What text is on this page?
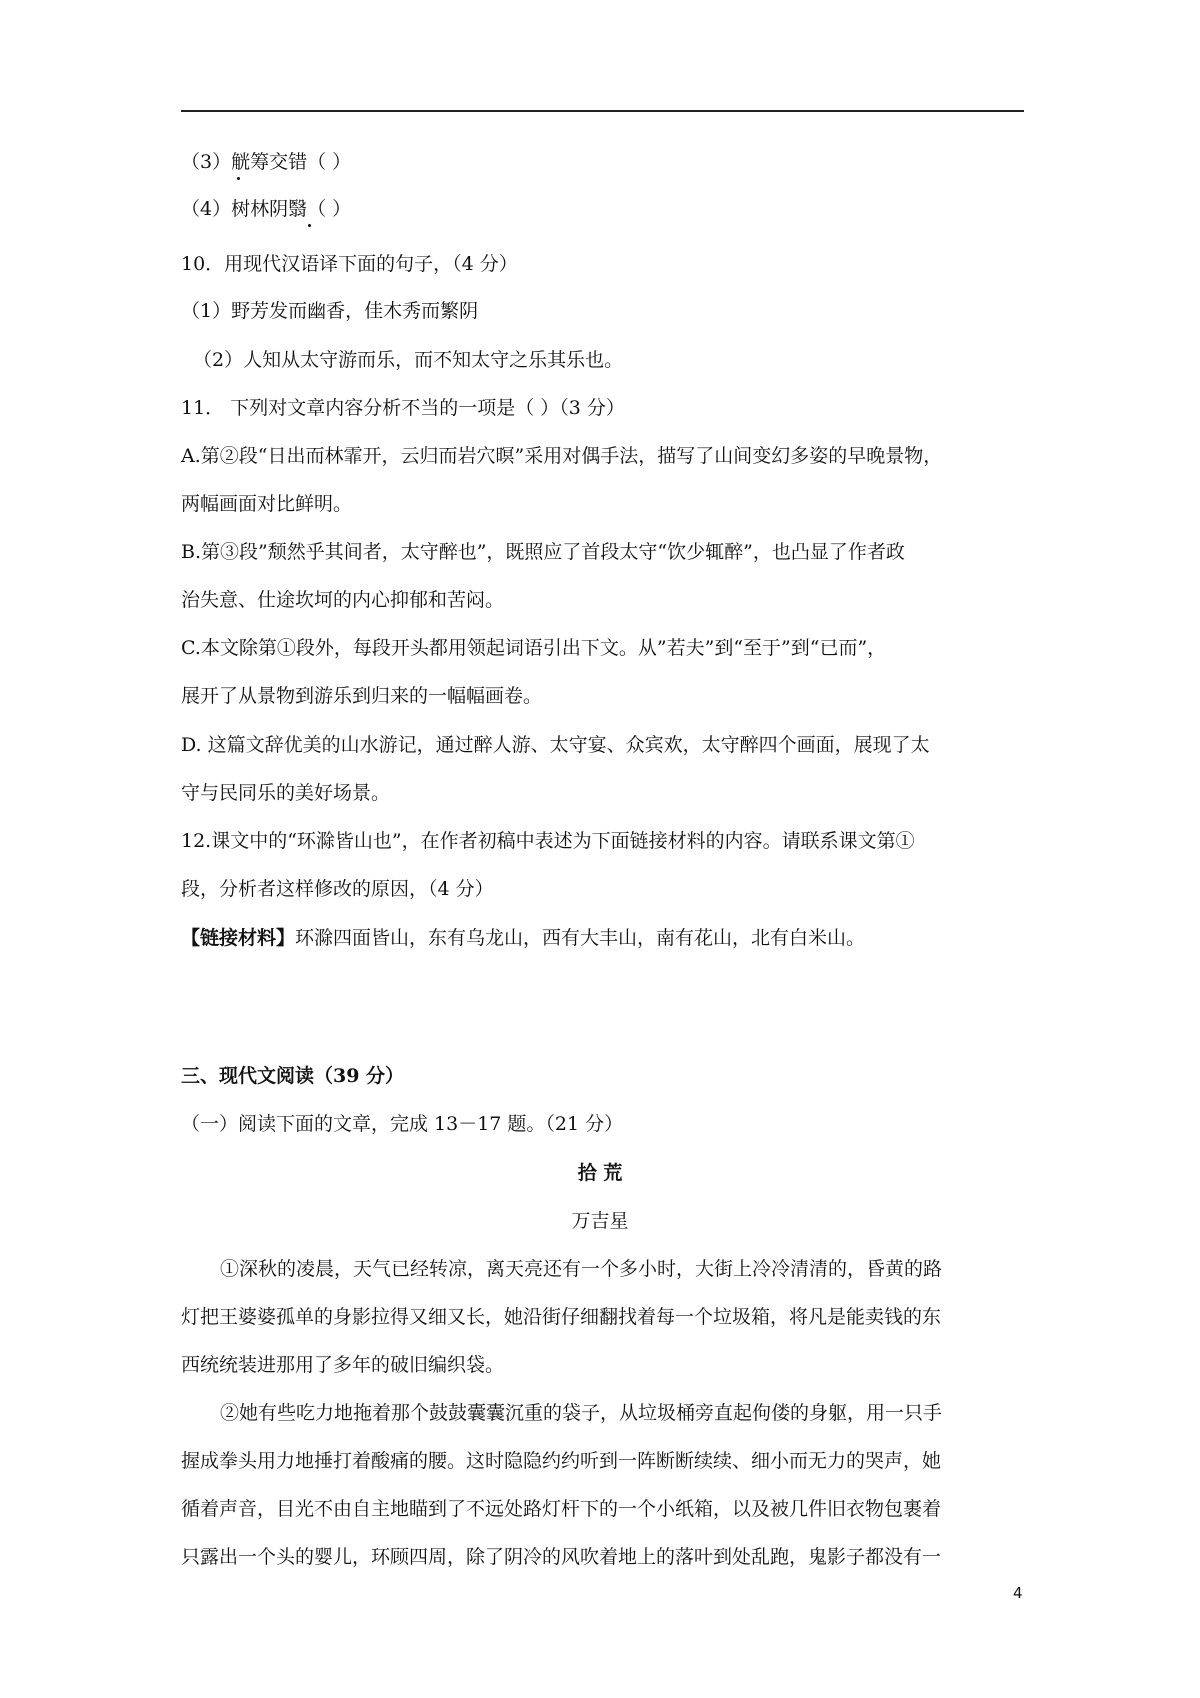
（3）觥筹交错（ ）
（4）树林阴翳（ ）
10．用现代汉语译下面的句子，（4 分）
（1）野芳发而幽香，佳木秀而繁阴
（2）人知从太守游而乐，而不知太守之乐其乐也。
11． 下列对文章内容分析不当的一项是（ ）（3 分）
A.第②段“日出而林霏开，云归而岩穴暝”采用对偶手法，描写了山间变幻多姿的早晚景物，
两幅画面对比鲜明。
B.第③段”颓然乎其间者，太守醉也”，既照应了首段太守“饮少辄醉”，也凸显了作者政
治失意、仕途坎坷的内心抑郁和苦闷。
C.本文除第①段外，每段开头都用领起词语引出下文。从”若夫”到“至于”到“已而”，
展开了从景物到游乐到归来的一幅幅画卷。
D. 这篇文辞优美的山水游记，通过醉人游、太守宴、众宾欢，太守醉四个画面，展现了太
守与民同乐的美好场景。
12.课文中的“环滁皆山也”，在作者初稿中表述为下面链接材料的内容。请联系课文第①
段，分析者这样修改的原因，（4 分）
【链接材料】环滁四面皆山，东有乌龙山，西有大丰山，南有花山，北有白米山。
三、现代文阅读（39 分）
（一）阅读下面的文章，完成 13－17 题。（21 分）
拾 荒
万吉星
①深秋的凌晨，天气已经转凉，离天亮还有一个多小时，大街上冷冷清清的，昏黄的路
灯把王婆婆孤单的身影拉得又细又长，她沿街仔细翻找着每一个垃圾箱，将凡是能卖钱的东
西统统装进那用了多年的破旧编织袋。
②她有些吃力地拖着那个鼓鼓囊囊沉重的袋子，从垃圾桶旁直起佝偻的身躯，用一只手
握成拳头用力地捶打着酸痛的腰。这时隐隐约约听到一阵断断续续、细小而无力的哭声，她
循着声音，目光不由自主地瞄到了不远处路灯杆下的一个小纸箱，以及被几件旧衣物包裹着
只露出一个头的婴儿，环顾四周，除了阴冷的风吹着地上的落叶到处乱跑，鬼影子都没有一
4
